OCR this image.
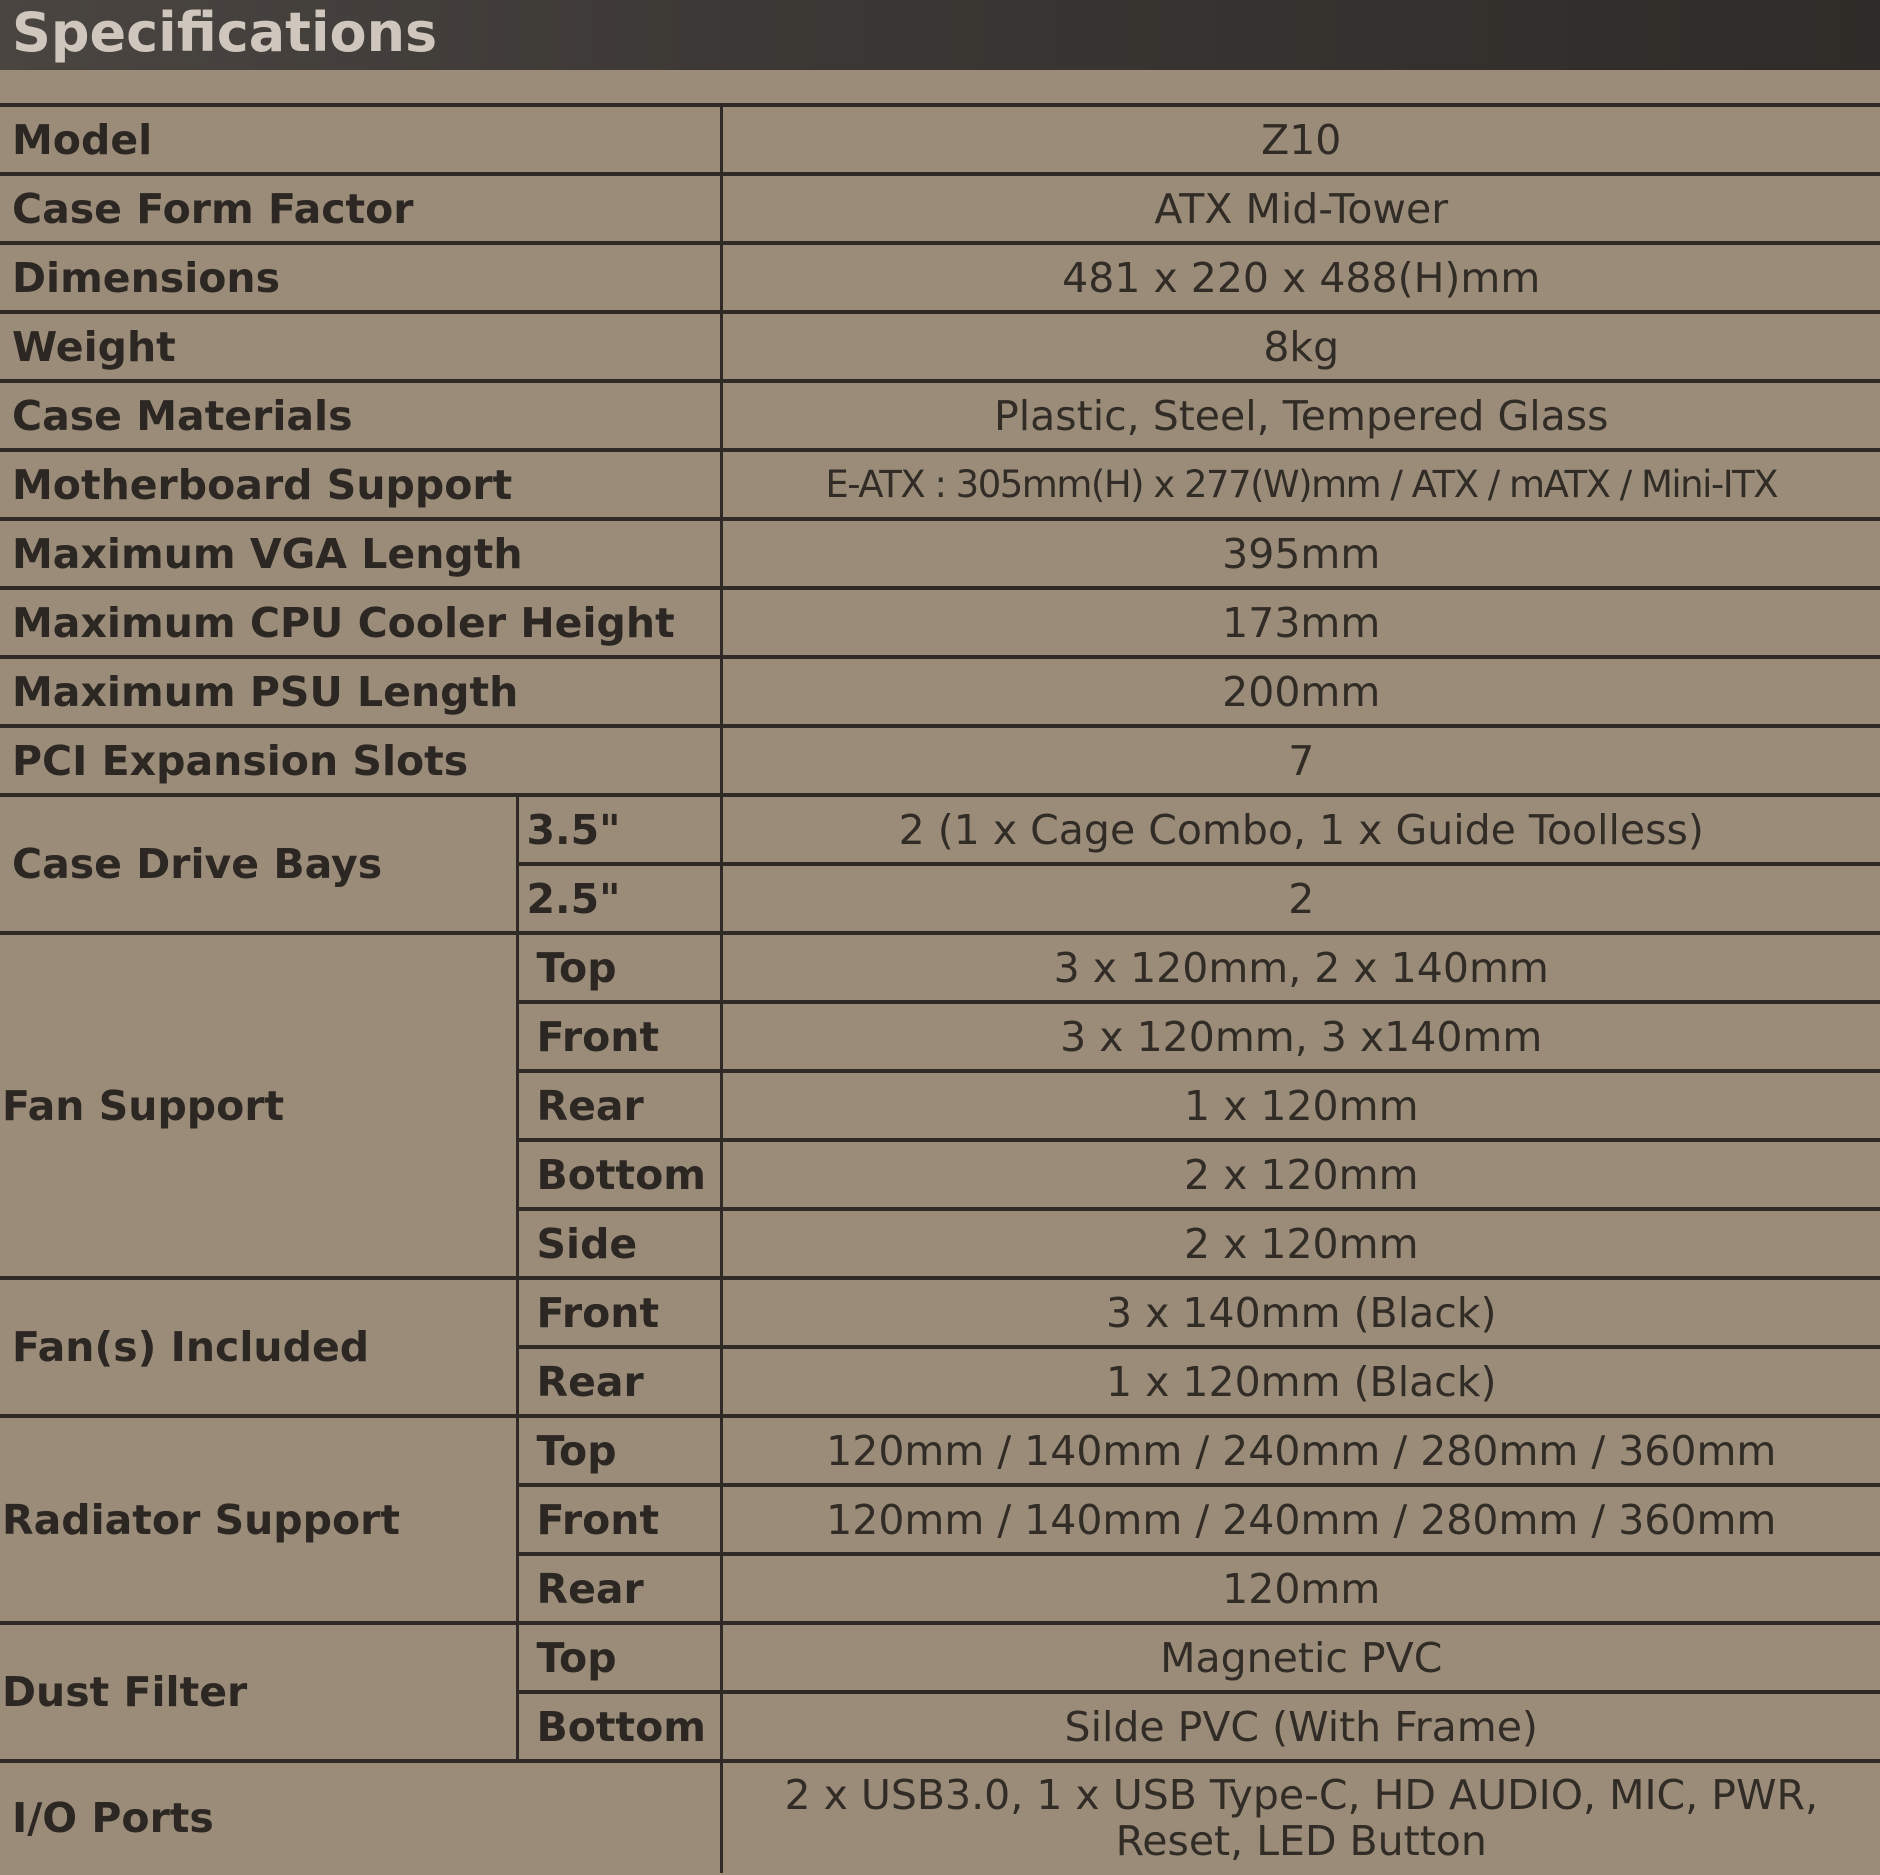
Specifications
Model		Z10
Case Form Factor		ATX Mid-Tower
Dimensions		481 x 220 x 488(H)mm
Weight		8kg
Case Materials		Plastic, Steel, Tempered Glass
Motherboard Support		E-ATX : 305mm(H) x 277(W)mm / ATX / mATX / Mini-ITX
Maximum VGA Length		395mm
Maximum CPU Cooler Height		173mm
Maximum PSU Length		200mm
PCI Expansion Slots		7
Case Drive Bays	3.5"	2 (1 x Cage Combo, 1 x Guide Toolless)
	2.5"	2
Fan Support	Top	3 x 120mm, 2 x 140mm
	Front	3 x 120mm, 3 x140mm
	Rear	1 x 120mm
	Bottom	2 x 120mm
	Side	2 x 120mm
Fan(s) Included	Front	3 x 140mm (Black)
	Rear	1 x 120mm (Black)
Radiator Support	Top	120mm / 140mm / 240mm / 280mm / 360mm
	Front	120mm / 140mm / 240mm / 280mm / 360mm
	Rear	120mm
Dust Filter	Top	Magnetic PVC
	Bottom	Silde PVC (With Frame)
I/O Ports		2 x USB3.0, 1 x USB Type-C, HD AUDIO, MIC, PWR, Reset, LED Button
